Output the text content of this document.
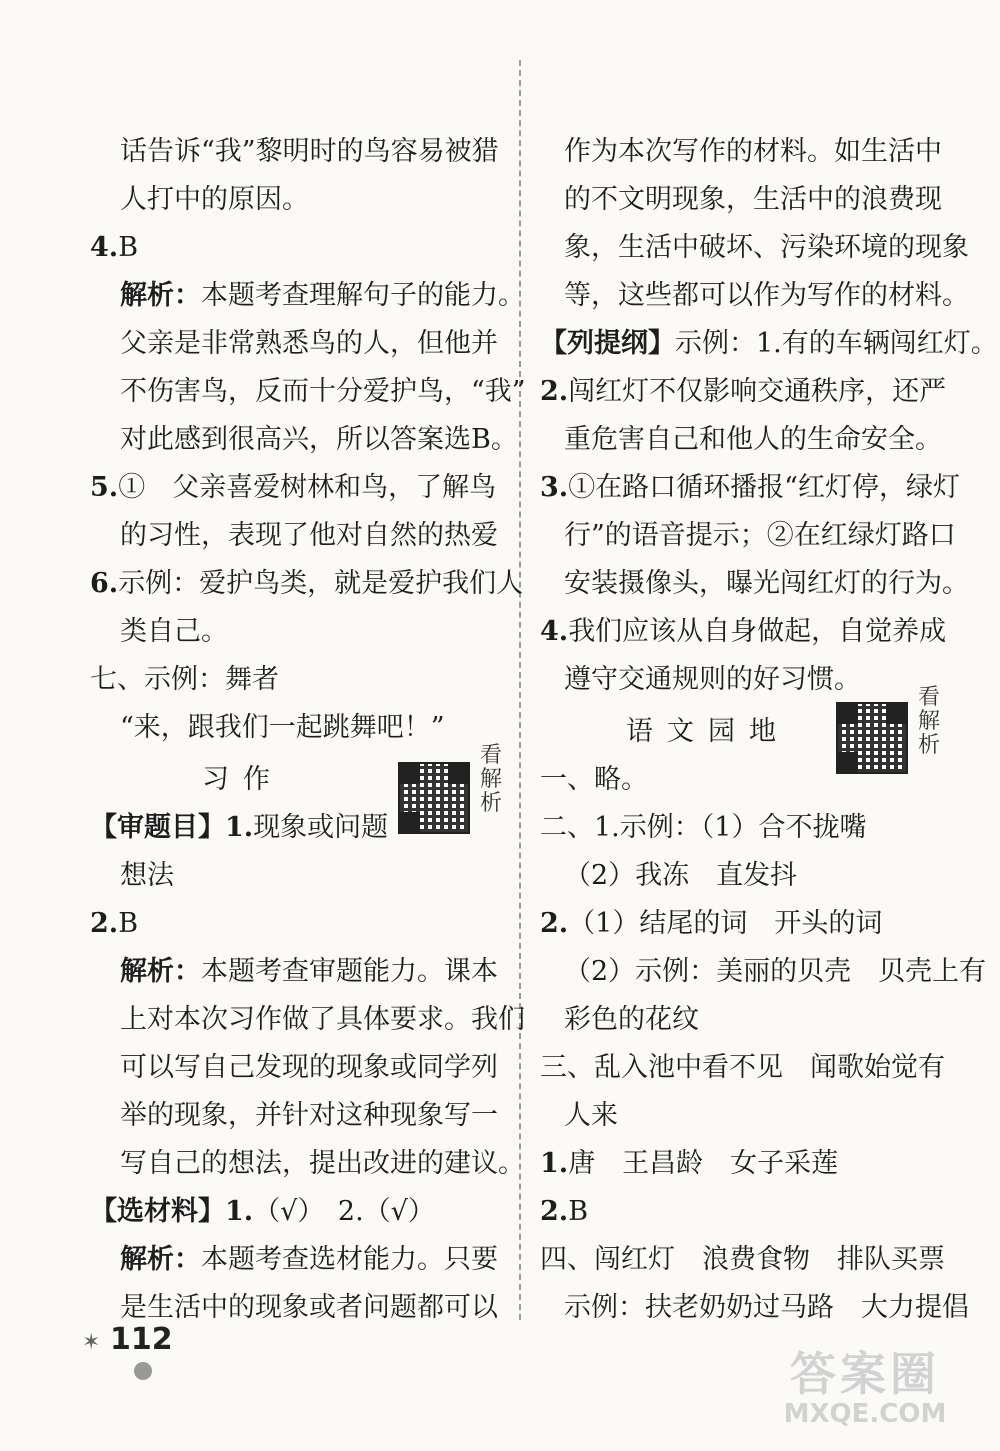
话告诉“我”黎明时的鸟容易被猎
人打中的原因。
4.B
解析：本题考查理解句子的能力。
父亲是非常熟悉鸟的人，但他并
不伤害鸟，反而十分爱护鸟，“我”
对此感到很高兴，所以答案选B。
5.①　父亲喜爱树林和鸟，了解鸟
的习性，表现了他对自然的热爱
6.示例：爱护鸟类，就是爱护我们人
类自己。
七、示例：舞者
“来，跟我们一起跳舞吧！”
习作
看
解
析
【审题目】1.现象或问题
想法
2.B
解析：本题考查审题能力。课本
上对本次习作做了具体要求。我们
可以写自己发现的现象或同学列
举的现象，并针对这种现象写一
写自己的想法，提出改进的建议。
【选材料】1.（√）　2.（√）
解析：本题考查选材能力。只要
是生活中的现象或者问题都可以
作为本次写作的材料。如生活中
的不文明现象，生活中的浪费现
象，生活中破坏、污染环境的现象
等，这些都可以作为写作的材料。
【列提纲】示例：1.有的车辆闯红灯。
2.闯红灯不仅影响交通秩序，还严
重危害自己和他人的生命安全。
3.①在路口循环播报“红灯停，绿灯
行”的语音提示；②在红绿灯路口
安装摄像头，曝光闯红灯的行为。
4.我们应该从自身做起，自觉养成
遵守交通规则的好习惯。
语文园地
看
解
析
一、略。
二、1.示例：（1）合不拢嘴
（2）我冻　直发抖
2.（1）结尾的词　开头的词
（2）示例：美丽的贝壳　贝壳上有
彩色的花纹
三、乱入池中看不见　闻歌始觉有
人来
1.唐　王昌龄　女子采莲
2.B
四、闯红灯　浪费食物　排队买票
示例：扶老奶奶过马路　大力提倡
✶ 112
答案圈
MXQE.COM
